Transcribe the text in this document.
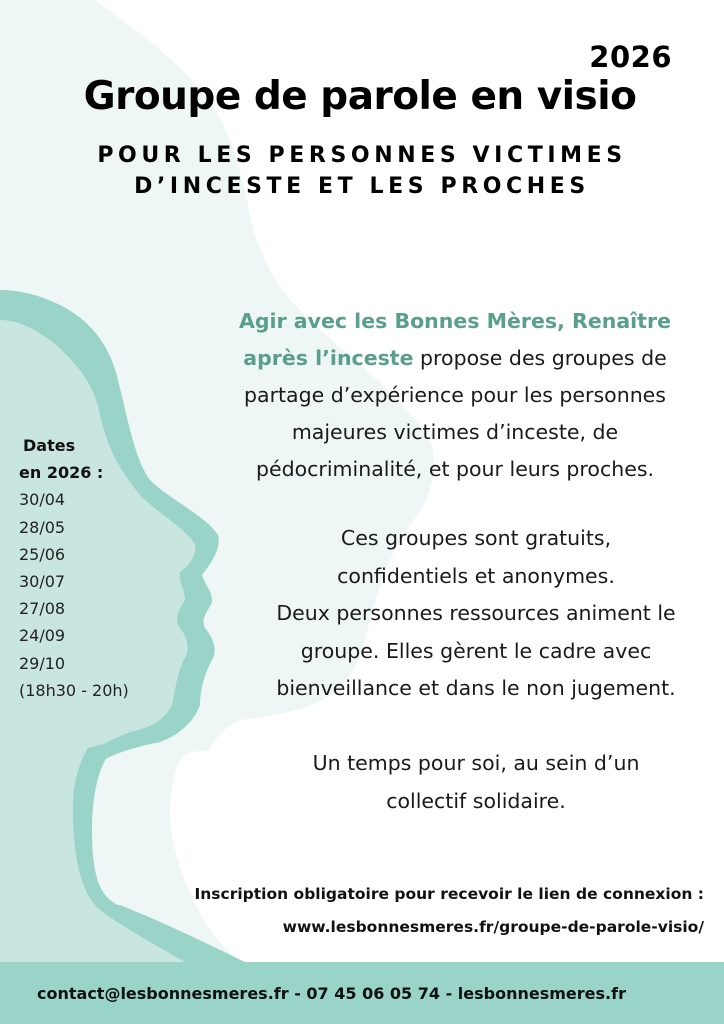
2026
Groupe de parole en visio
POUR LES PERSONNES VICTIMES
D’INCESTE ET LES PROCHES
Agir avec les Bonnes Mères, Renaître
après l’inceste propose des groupes de
partage d’expérience pour les personnes
majeures victimes d’inceste, de
pédocriminalité, et pour leurs proches.
Ces groupes sont gratuits,
confidentiels et anonymes.
Deux personnes ressources animent le
groupe. Elles gèrent le cadre avec
bienveillance et dans le non jugement.
Un temps pour soi, au sein d’un
collectif solidaire.
Dates
en 2026 :
30/04
28/05
25/06
30/07
27/08
24/09
29/10
(18h30 - 20h)
Inscription obligatoire pour recevoir le lien de connexion :
www.lesbonnesmeres.fr/groupe-de-parole-visio/
contact@lesbonnesmeres.fr - 07 45 06 05 74 - lesbonnesmeres.fr
